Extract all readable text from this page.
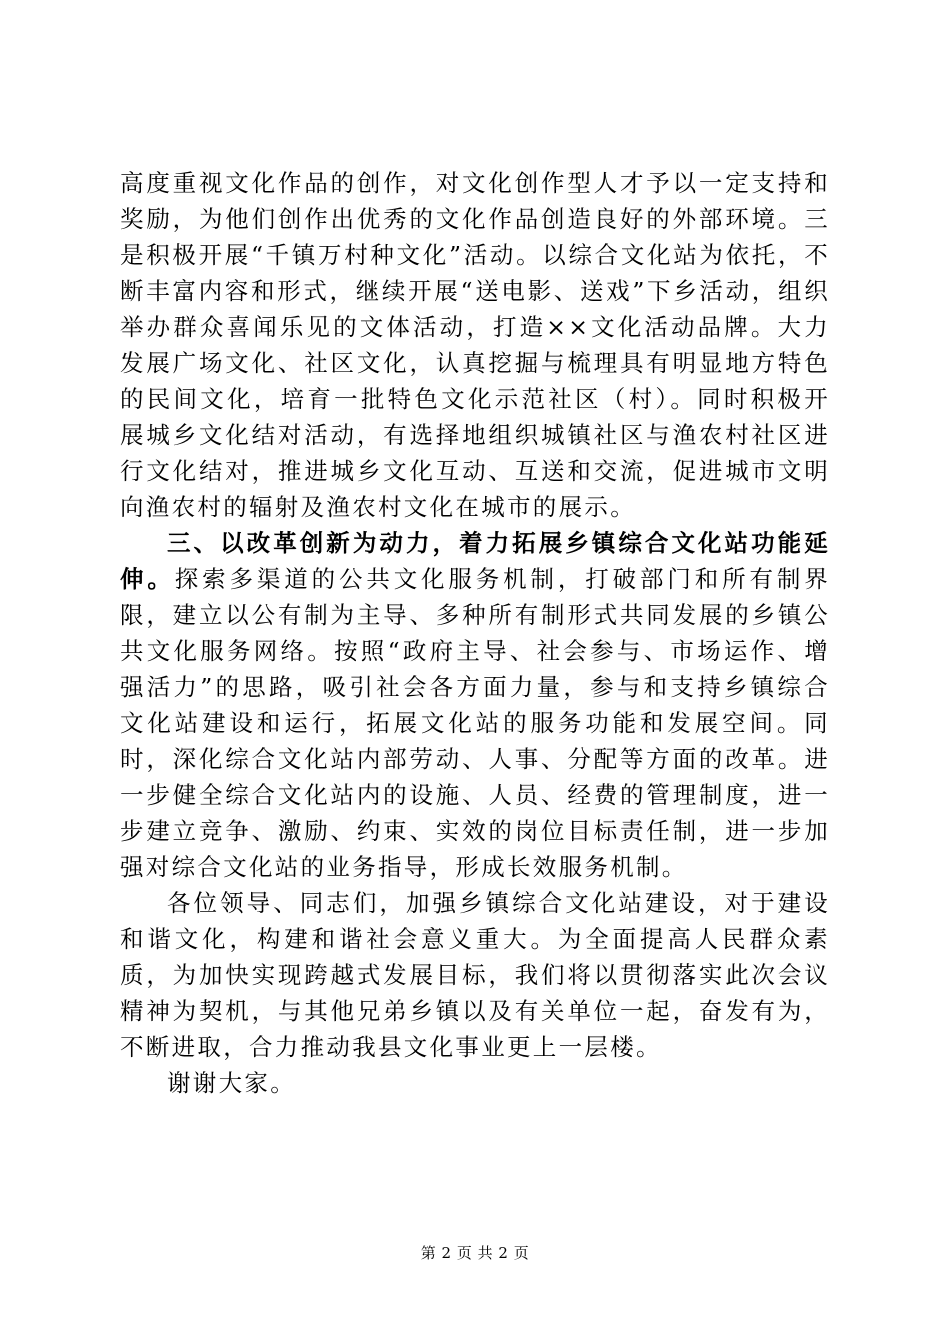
高度重视文化作品的创作，对文化创作型人才予以一定支持和奖励，为他们创作出优秀的文化作品创造良好的外部环境。三是积极开展“千镇万村种文化”活动。以综合文化站为依托，不断丰富内容和形式，继续开展“送电影、送戏”下乡活动，组织举办群众喜闻乐见的文体活动，打造××文化活动品牌。大力发展广场文化、社区文化，认真挖掘与梳理具有明显地方特色的民间文化，培育一批特色文化示范社区（村）。同时积极开展城乡文化结对活动，有选择地组织城镇社区与渔农村社区进行文化结对，推进城乡文化互动、互送和交流，促进城市文明向渔农村的辐射及渔农村文化在城市的展示。

三、以改革创新为动力，着力拓展乡镇综合文化站功能延伸。探索多渠道的公共文化服务机制，打破部门和所有制界限，建立以公有制为主导、多种所有制形式共同发展的乡镇公共文化服务网络。按照“政府主导、社会参与、市场运作、增强活力”的思路，吸引社会各方面力量，参与和支持乡镇综合文化站建设和运行，拓展文化站的服务功能和发展空间。同时，深化综合文化站内部劳动、人事、分配等方面的改革。进一步健全综合文化站内的设施、人员、经费的管理制度，进一步建立竞争、激励、约束、实效的岗位目标责任制，进一步加强对综合文化站的业务指导，形成长效服务机制。

各位领导、同志们，加强乡镇综合文化站建设，对于建设和谐文化，构建和谐社会意义重大。为全面提高人民群众素质，为加快实现跨越式发展目标，我们将以贯彻落实此次会议精神为契机，与其他兄弟乡镇以及有关单位一起，奋发有为，不断进取，合力推动我县文化事业更上一层楼。

谢谢大家。

第 2 页 共 2 页
